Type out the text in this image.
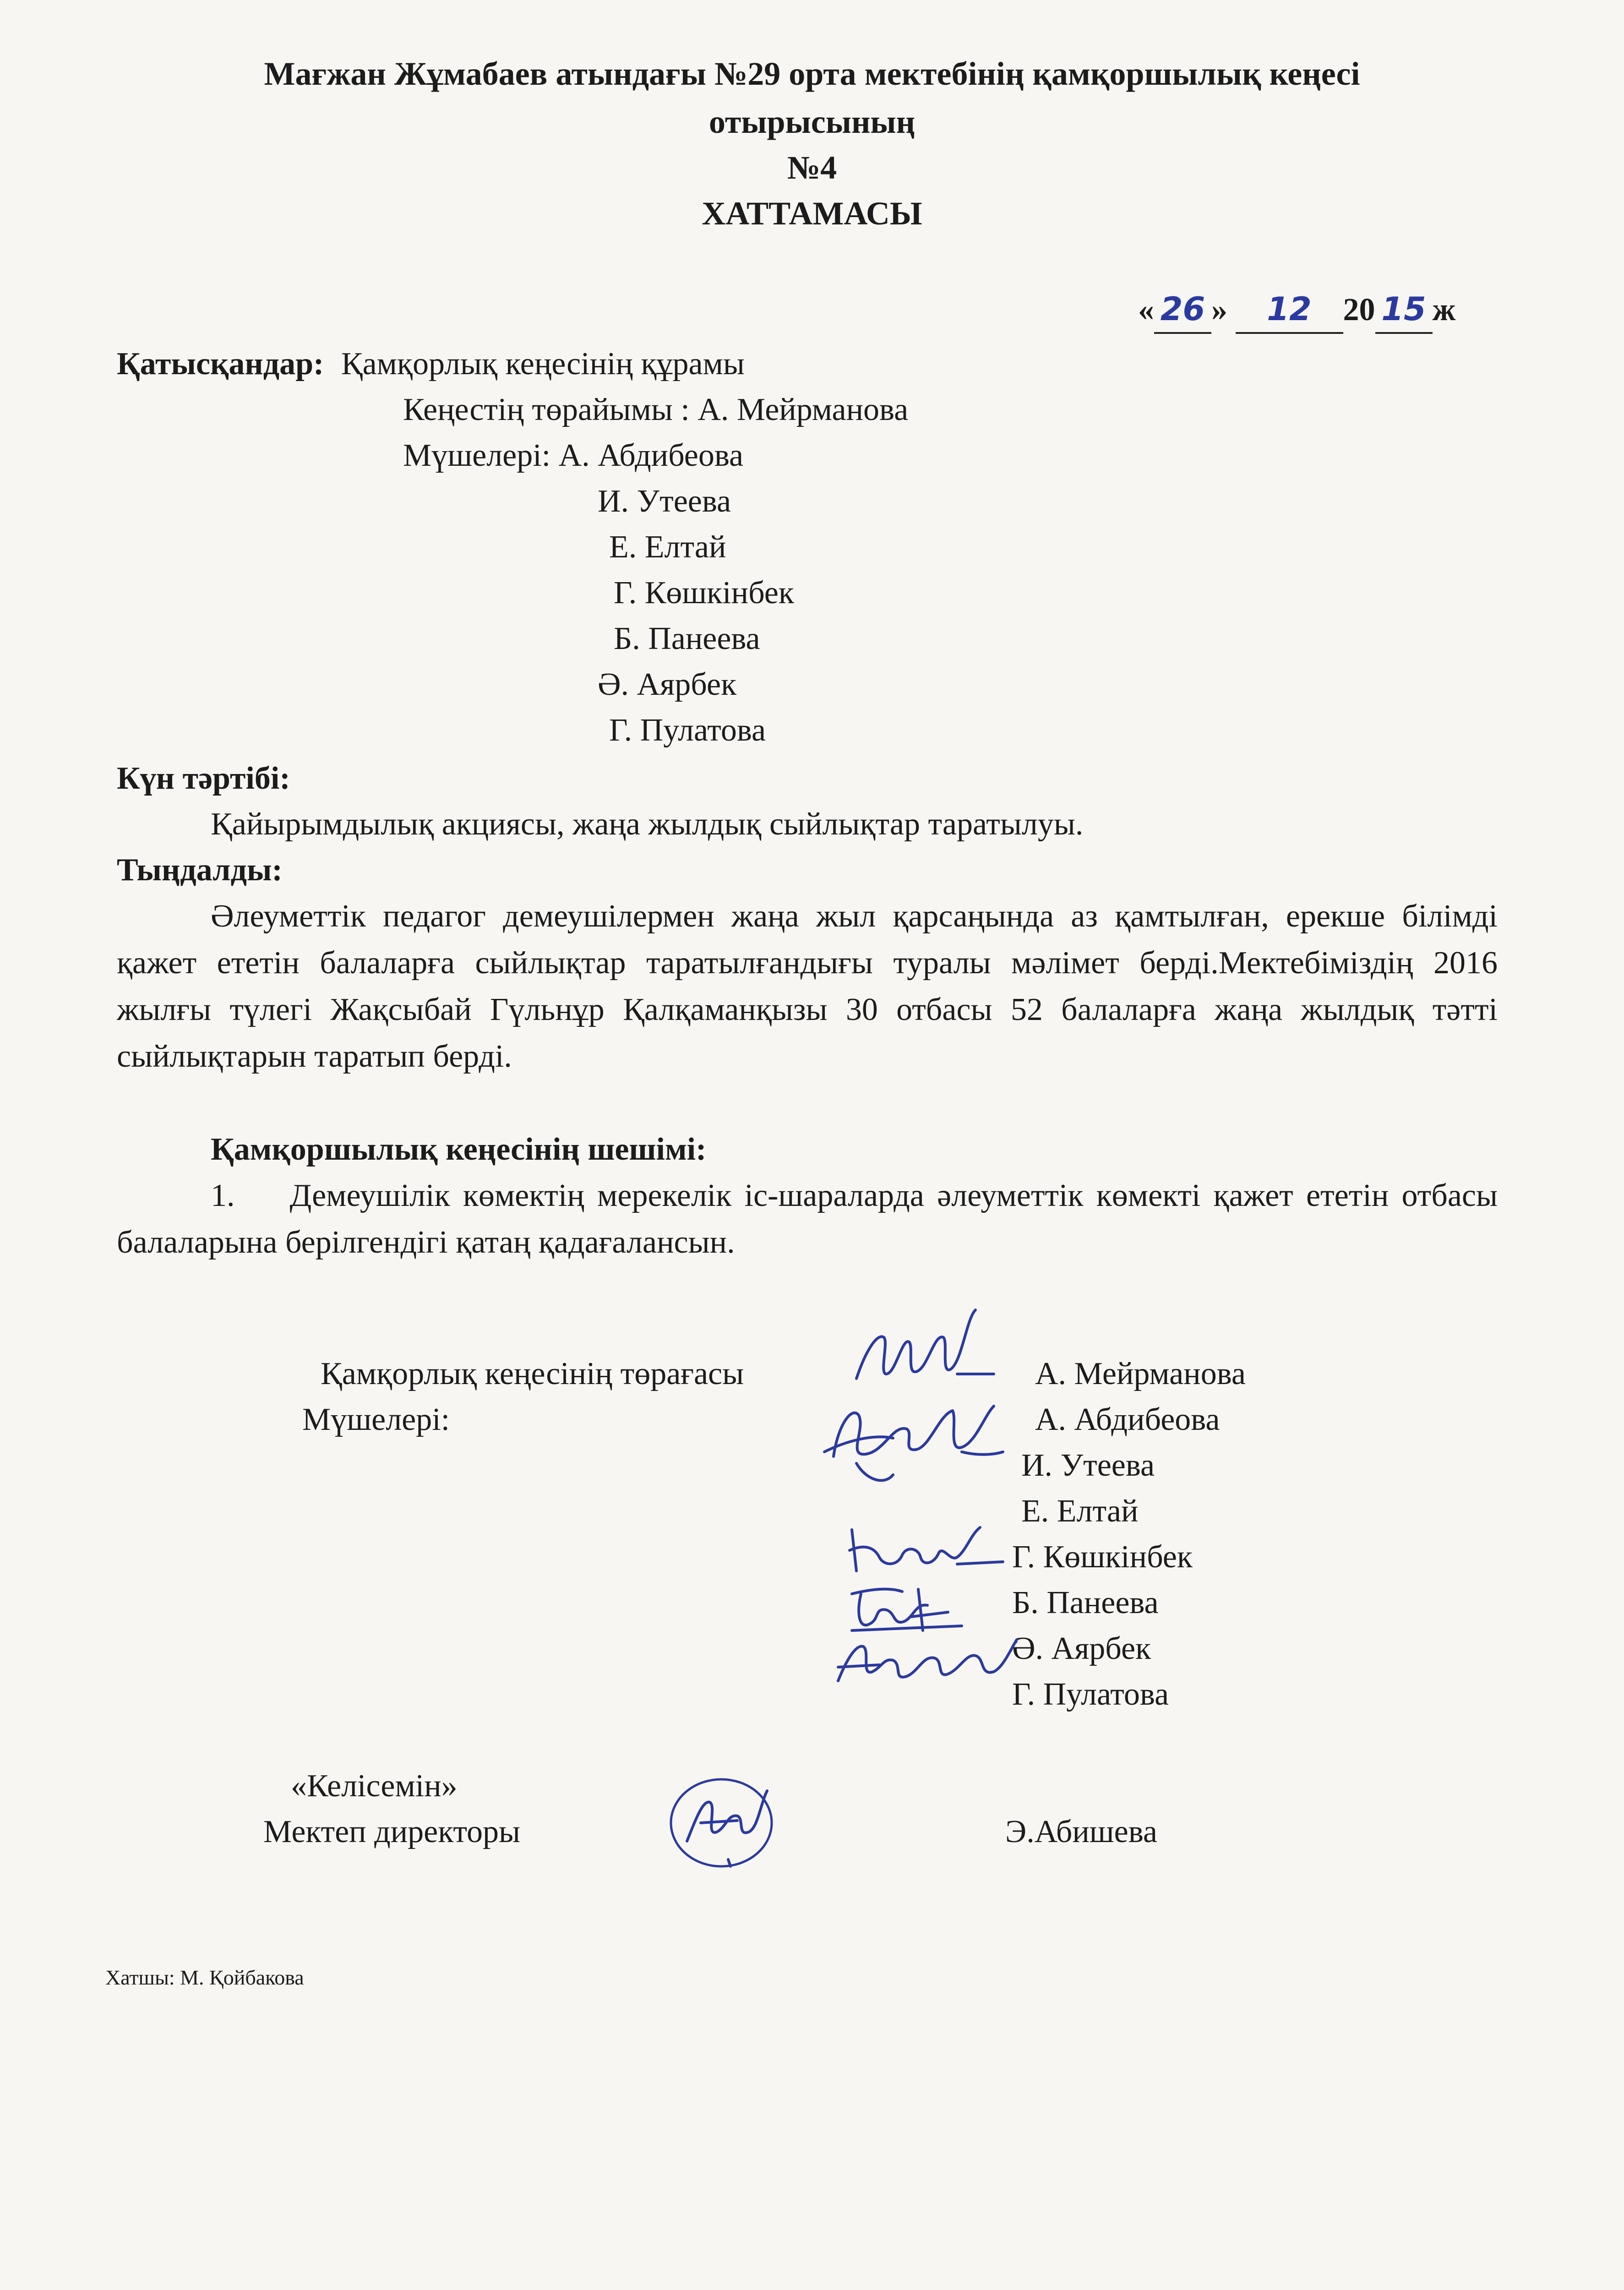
Мағжан Жұмабаев атындағы №29 орта мектебінің қамқоршылық кеңесі
отырысының
№4
ХАТТАМАСЫ
« 26 » 12 20 15 ж
Қатысқандар: Қамқорлық кеңесінің құрамы
Кеңестің төрайымы : А. Мейрманова
Мүшелері: А. Абдибеова
И. Утеева
Е. Елтай
Г. Көшкінбек
Б. Панеева
Ә. Аярбек
Г. Пулатова
Күн тәртібі:
Қайырымдылық акциясы, жаңа жылдық сыйлықтар таратылуы.
Тыңдалды:
Әлеуметтік педагог демеушілермен жаңа жыл қарсаңында аз қамтылған, ерекше білімді қажет ететін балаларға сыйлықтар таратылғандығы туралы мәлімет берді.Мектебіміздің 2016 жылғы түлегі Жақсыбай Гүльнұр Қалқаманқызы 30 отбасы 52 балаларға жаңа жылдық тәтті сыйлықтарын таратып берді.
Қамқоршылық кеңесінің шешімі:
1. Демеушілік көмектің мерекелік іс-шараларда әлеуметтік көмекті қажет ететін отбасы балаларына берілгендігі қатаң қадағалансын.
Қамқорлық кеңесінің төрағасы	А. Мейрманова
Мүшелері:	А. Абдибеова
И. Утеева
Е. Елтай
Г. Көшкінбек
Б. Панеева
Ә. Аярбек
Г. Пулатова
«Келісемін»
Мектеп директоры	Э.Абишева
Хатшы: М. Қойбакова
